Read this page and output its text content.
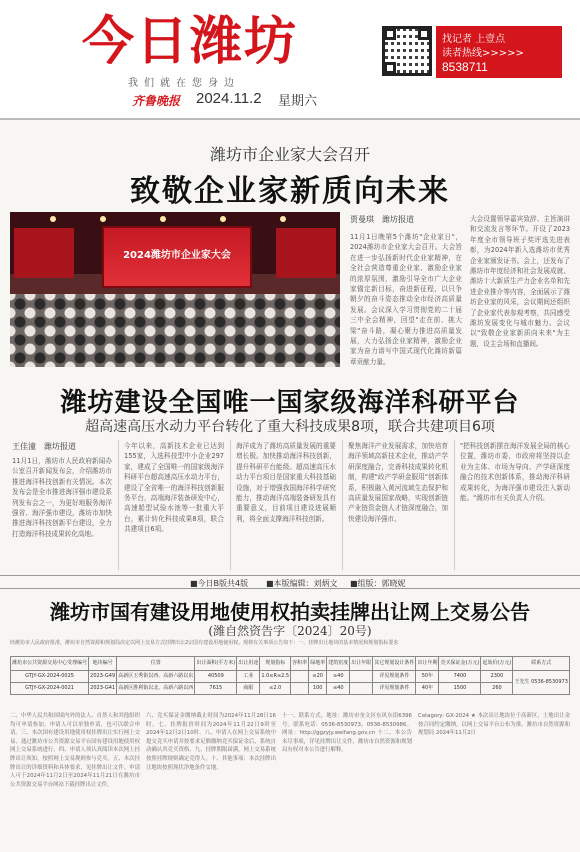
今日潍坊
我们就在您身边
齐鲁晚报 2024.11.2 星期六
找记者 上壹点
读者热线>>>>>
8538711
潍坊市企业家大会召开
致敬企业家新质向未来
2024潍坊市企业家大会
贾曼琪　潍坊报道
11月1日晚第5个潍坊"企业家日"，2024潍坊市企业家大会召开。大会旨在进一步弘扬新时代企业家精神，在全社会营造尊重企业家、激励企业家的浓厚氛围，激励引导全市广大企业家锚定新目标，奋进新征程，以只争朝夕的奋斗姿态推动全市经济高质量发展。会议深入学习贯彻党的二十届三中全会精神，回望"走在前、挑大梁"奋斗路，凝心聚力推进高质量发展，大力弘扬企业家精神，激励企业家为奋力谱写中国式现代化潍坊新篇章贡献力量。
大会设置领导嘉宾致辞、主旨演讲和交流发言等环节。开设了2023年度全市领导班子奖评选先进表彰，为2024年新入选潍坊市优秀企业家颁发证书。会上，还发布了潍坊市年度经济和社会发展成就、潍坊十大新质生产力企业名单和先进企业推介等内容，全面展示了潍坊企业家的风采，会议期间还组织了企业家代表参观考察，共同感受潍坊发展变化与城市魅力。会议以"致敬企业家新质向未来"为主题，设主会场和直播间。
潍坊建设全国唯一国家级海洋科研平台
超高速高压水动力平台转化了重大科技成果8项，联合共建项目6项
王佳潼　潍坊报道
11月1日，潍坊市人民政府新闻办公室召开新闻发布会，介绍潍坊市推进海洋科技创新有关情况。本次发布会是全市推进海洋强市建设系列发布会之一，为更好地服务海洋强省、海洋强市建设，潍坊市加快推进海洋科技创新平台建设，全力打造海洋科技成果转化高地。
今年以来，高新技术企业已达到155家，入选科技型中小企业297家，建成了全国唯一的国家级海洋科研平台超高速高压水动力平台，建设了全省唯一的海洋科技创新服务平台，高端海洋装备研发中心，高速船型试验水池等一批重大平台，累计转化科技成果8项，联合共建项目6项。
海洋成为了潍坊高质量发展的重要增长极。加快推动海洋科技创新，提升科研平台能级。超高速高压水动力平台项目是国家重大科技基础设施，对于增强我国海洋科学研究能力，推动海洋高端装备研发具有重要意义，目前项目建设进展顺利，将全面支撑海洋科技创新。
聚焦海洋产业发展需求，加快培育海洋领域高新技术企业，推动产学研深度融合，完善科技成果转化机制，构建"政产学研金服用"创新体系，积极融入黄河流域生态保护和高质量发展国家战略，实现创新链产业链资金链人才链深度融合，加快建设海洋强市。
"把科技创新摆在海洋发展全局的核心位置，潍坊市委、市政府将坚持以企业为主体、市场为导向、产学研深度融合的技术创新体系，推动海洋科研成果转化，为海洋强市建设注入新动能。"潍坊市有关负责人介绍。
■今日B版共4版 ■本版编辑：刘炳文 ■组版：郭晓妮
潍坊市国有建设用地使用权拍卖挂牌出让网上交易公告
(潍自然资告字〔2024〕20号)
经潍坊市人民政府批准，潍坊市自然资源和规划局决定以网上交易方式挂牌出让2宗国有建设用地使用权。现将有关事项公告如下：一、挂牌出让地块的基本情况和规划指标要求
潍坊市公共资源交易中心受理编号	地块编号	位置	出让面积(平方米)	出让用途	规划指标	容积率	绿地率	建筑密度	出让年限	其它规划设计条件	出让年期	竞买保证金(万元)	起始价(万元)	联系方式
GTJY-GX-2024-0025	2023-G49	高新区玉秀街以西、高新六路以东	40509	工业	1.0≤R≤2.5		≤20	≥40		详见规划条件	50年	7400	2300	王先生 0536-8530973
GTJY-GX-2024-0021	2023-G41	高新区胜利街以北、高新六路以西	7615	商服	≤2.0		100	≤40		详见规划条件	40年	1500	260	
二、中华人民共和国境内外的法人、自然人和其他组织均可申请参加，申请人可以单独申请，也可以联合申请。三、本次国有建设用地使用权挂牌出让实行网上交易，通过潍坊市公共资源交易平台国有建设用地使用权网上交易系统进行。四、申请人须认真阅读本次网上挂牌出让须知，按照网上交易规则参与竞买。五、本次挂牌出让的详细资料和具体要求，见挂牌出让文件。申请人可于2024年11月2日至2024年11月21日在潍坊市公共资源交易平台网站下载挂牌出让文件。
六、竞买保证金缴纳截止时间为2024年11月28日16时。七、挂牌报价时间为2024年11月22日9时至2024年12月2日10时。八、申请人在网上交易系统中提交竞买申请并按要求足额缴纳竞买保证金后，系统自动确认其竞买资格。九、挂牌期限届满，网上交易系统按照挂牌规则确定竞得人。十、其他事项：本次挂牌出让地块按照现状净地条件交地。
十一、联系方式。地址：潍坊市奎文区东风东街6396号。联系电话：0536-8530973、0536-8530986。网址：http://ggzyjy.weifang.gov.cn 十二、本公告未尽事项，详见挂牌出让文件，潍坊市自然资源和规划局有权对本公告进行解释。
Catagory: GX-2024 ★ 本次出让地块位于高新区，土地出让金按合同约定缴纳，以网上交易平台公布为准。潍坊市自然资源和规划局 2024年11月2日
